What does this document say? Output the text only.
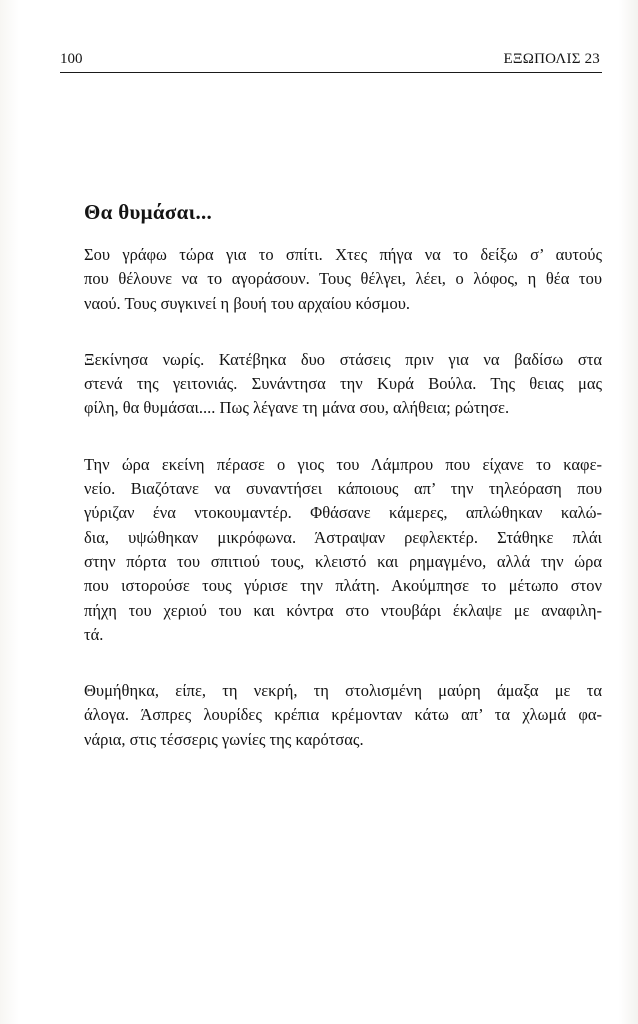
100	ΕΞΩΠΟΛΙΣ 23
Θα θυμάσαι...
Σου γράφω τώρα για το σπίτι. Χτες πήγα να το δείξω σ’ αυτούς
που θέλουνε να το αγοράσουν. Τους θέλγει, λέει, ο λόφος, η θέα του
ναού. Τους συγκινεί η βουή του αρχαίου κόσμου.
Ξεκίνησα νωρίς. Κατέβηκα δυο στάσεις πριν για να βαδίσω στα
στενά της γειτονιάς. Συνάντησα την Κυρά Βούλα. Της θειας μας
φίλη, θα θυμάσαι.... Πως λέγανε τη μάνα σου, αλήθεια; ρώτησε.
Την ώρα εκείνη πέρασε ο γιος του Λάμπρου που είχανε το καφε-
νείο. Βιαζότανε να συναντήσει κάποιους απ’ την τηλεόραση που
γύριζαν ένα ντοκουμαντέρ. Φθάσανε κάμερες, απλώθηκαν καλώ-
δια, υψώθηκαν μικρόφωνα. Άστραψαν ρεφλεκτέρ. Στάθηκε πλάι
στην πόρτα του σπιτιού τους, κλειστό και ρημαγμένο, αλλά την ώρα
που ιστορούσε τους γύρισε την πλάτη. Ακούμπησε το μέτωπο στον
πήχη του χεριού του και κόντρα στο ντουβάρι έκλαψε με αναφιλη-
τά.
Θυμήθηκα, είπε, τη νεκρή, τη στολισμένη μαύρη άμαξα με τα
άλογα. Άσπρες λουρίδες κρέπια κρέμονταν κάτω απ’ τα χλωμά φα-
νάρια, στις τέσσερις γωνίες της καρότσας.
